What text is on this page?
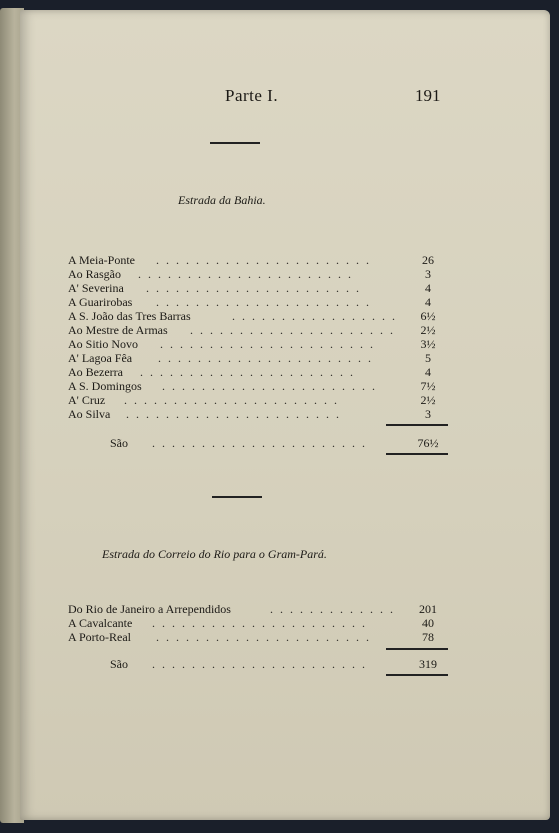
Parte I.	191
Estrada da Bahia.
A Meia-Ponte . . . . . . . . . . . . . . . . . . . . . .	26
Ao Rasgão . . . . . . . . . . . . . . . . . . . . . .	3
A' Severina . . . . . . . . . . . . . . . . . . . . . .	4
A Guarirobas . . . . . . . . . . . . . . . . . . . . . .	4
A S. João das Tres Barras	. . . . . . . . . . . . . . . . .	6½
Ao Mestre de Armas . . . . . . . . . . . . . . . . . . . . .	2½
Ao Sitio Novo . . . . . . . . . . . . . . . . . . . . . .	3½
A' Lagoa Fêa . . . . . . . . . . . . . . . . . . . . . .	5
Ao Bezerra . . . . . . . . . . . . . . . . . . . . . .	4
A S. Domingos . . . . . . . . . . . . . . . . . . . . . .	7½
A' Cruz . . . . . . . . . . . . . . . . . . . . . .	2½
Ao Silva . . . . . . . . . . . . . . . . . . . . . .	3
São . . . . . . . . . . . . . . . . . . . . . .	76½
Estrada do Correio do Rio para o Gram-Pará.
Do Rio de Janeiro a Arrependidos	. . . . . . . . . . . . .	201
A Cavalcante . . . . . . . . . . . . . . . . . . . . . .	40
A Porto-Real . . . . . . . . . . . . . . . . . . . . . .	78
São . . . . . . . . . . . . . . . . . . . . . .	319
